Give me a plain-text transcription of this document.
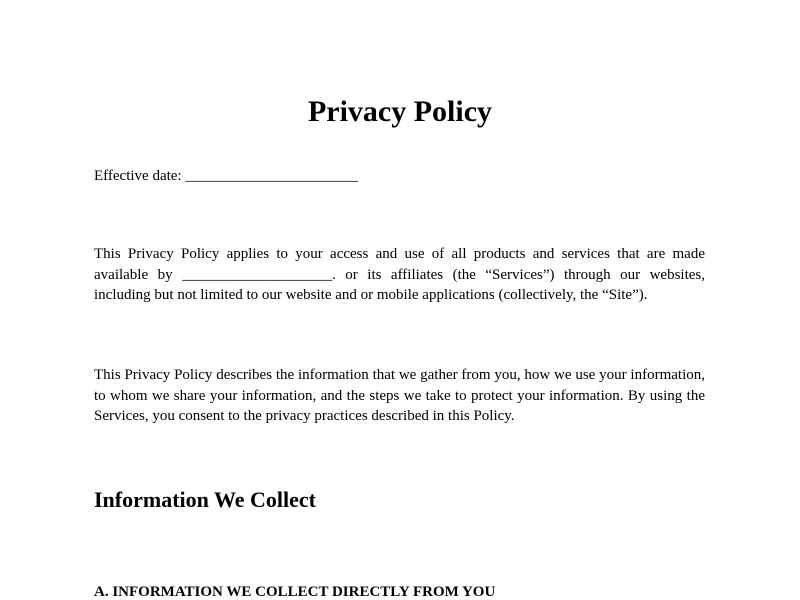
Privacy Policy

Effective date: _______________________

This Privacy Policy applies to your access and use of all products and services that are made available by ____________________. or its affiliates (the “Services”) through our websites, including but not limited to our website and or mobile applications (collectively, the “Site”).

This Privacy Policy describes the information that we gather from you, how we use your information, to whom we share your information, and the steps we take to protect your information. By using the Services, you consent to the privacy practices described in this Policy.

Information We Collect
A. INFORMATION WE COLLECT DIRECTLY FROM YOU
